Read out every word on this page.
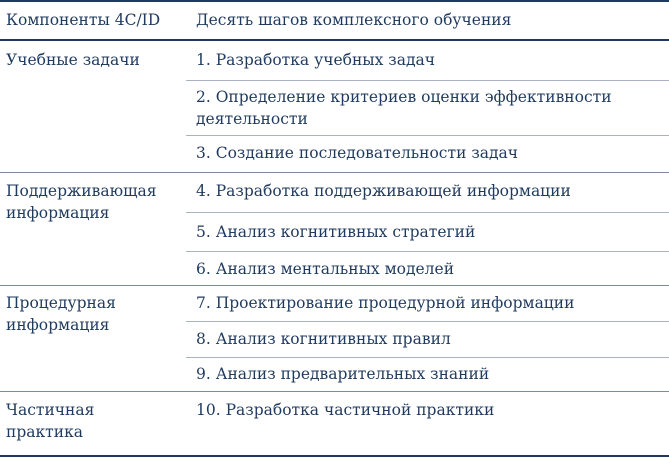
Компоненты 4C/ID Десять шагов комплексного обучения
Учебные задачи	1. Разработка учебных задач
2. Определение критериев оценки эффективности деятельности
3. Создание последовательности задач
Поддерживающая информация
4. Разработка поддерживающей информации
5. Анализ когнитивных стратегий
6. Анализ ментальных моделей
Процедурная информация
7. Проектирование процедурной информации
8. Анализ когнитивных правил
9. Анализ предварительных знаний
Частичная практика
10. Разработка частичной практики
